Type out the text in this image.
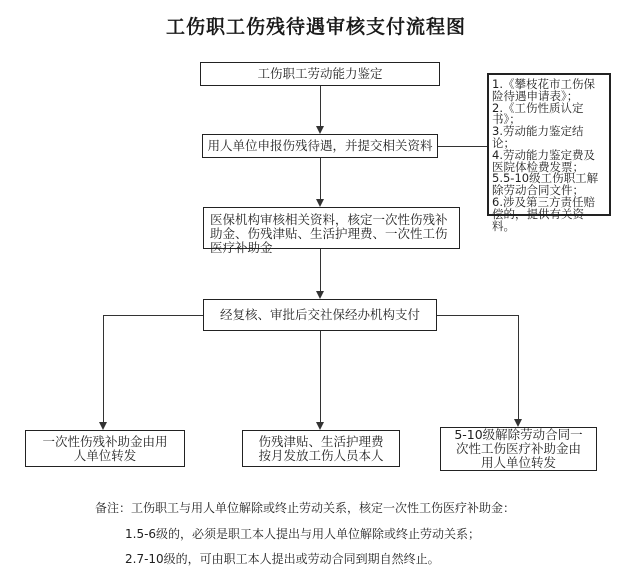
工伤职工伤残待遇审核支付流程图
工伤职工劳动能力鉴定
用人单位申报伤残待遇，并提交相关资料
医保机构审核相关资料，核定一次性伤残补助金、伤残津贴、生活护理费、一次性工伤医疗补助金
经复核、审批后交社保经办机构支付
1.《攀枝花市工伤保险待遇申请表》；
2.《工伤性质认定书》；
3.劳动能力鉴定结论；
4.劳动能力鉴定费及医院体检费发票；
5.5-10级工伤职工解除劳动合同文件；
6.涉及第三方责任赔偿的，提供有关资料。
一次性伤残补助金由用人单位转发
伤残津贴、生活护理费按月发放工伤人员本人
5-10级解除劳动合同一次性工伤医疗补助金由用人单位转发
备注：工伤职工与用人单位解除或终止劳动关系，核定一次性工伤医疗补助金：
1.5-6级的，必须是职工本人提出与用人单位解除或终止劳动关系；
2.7-10级的，可由职工本人提出或劳动合同到期自然终止。
